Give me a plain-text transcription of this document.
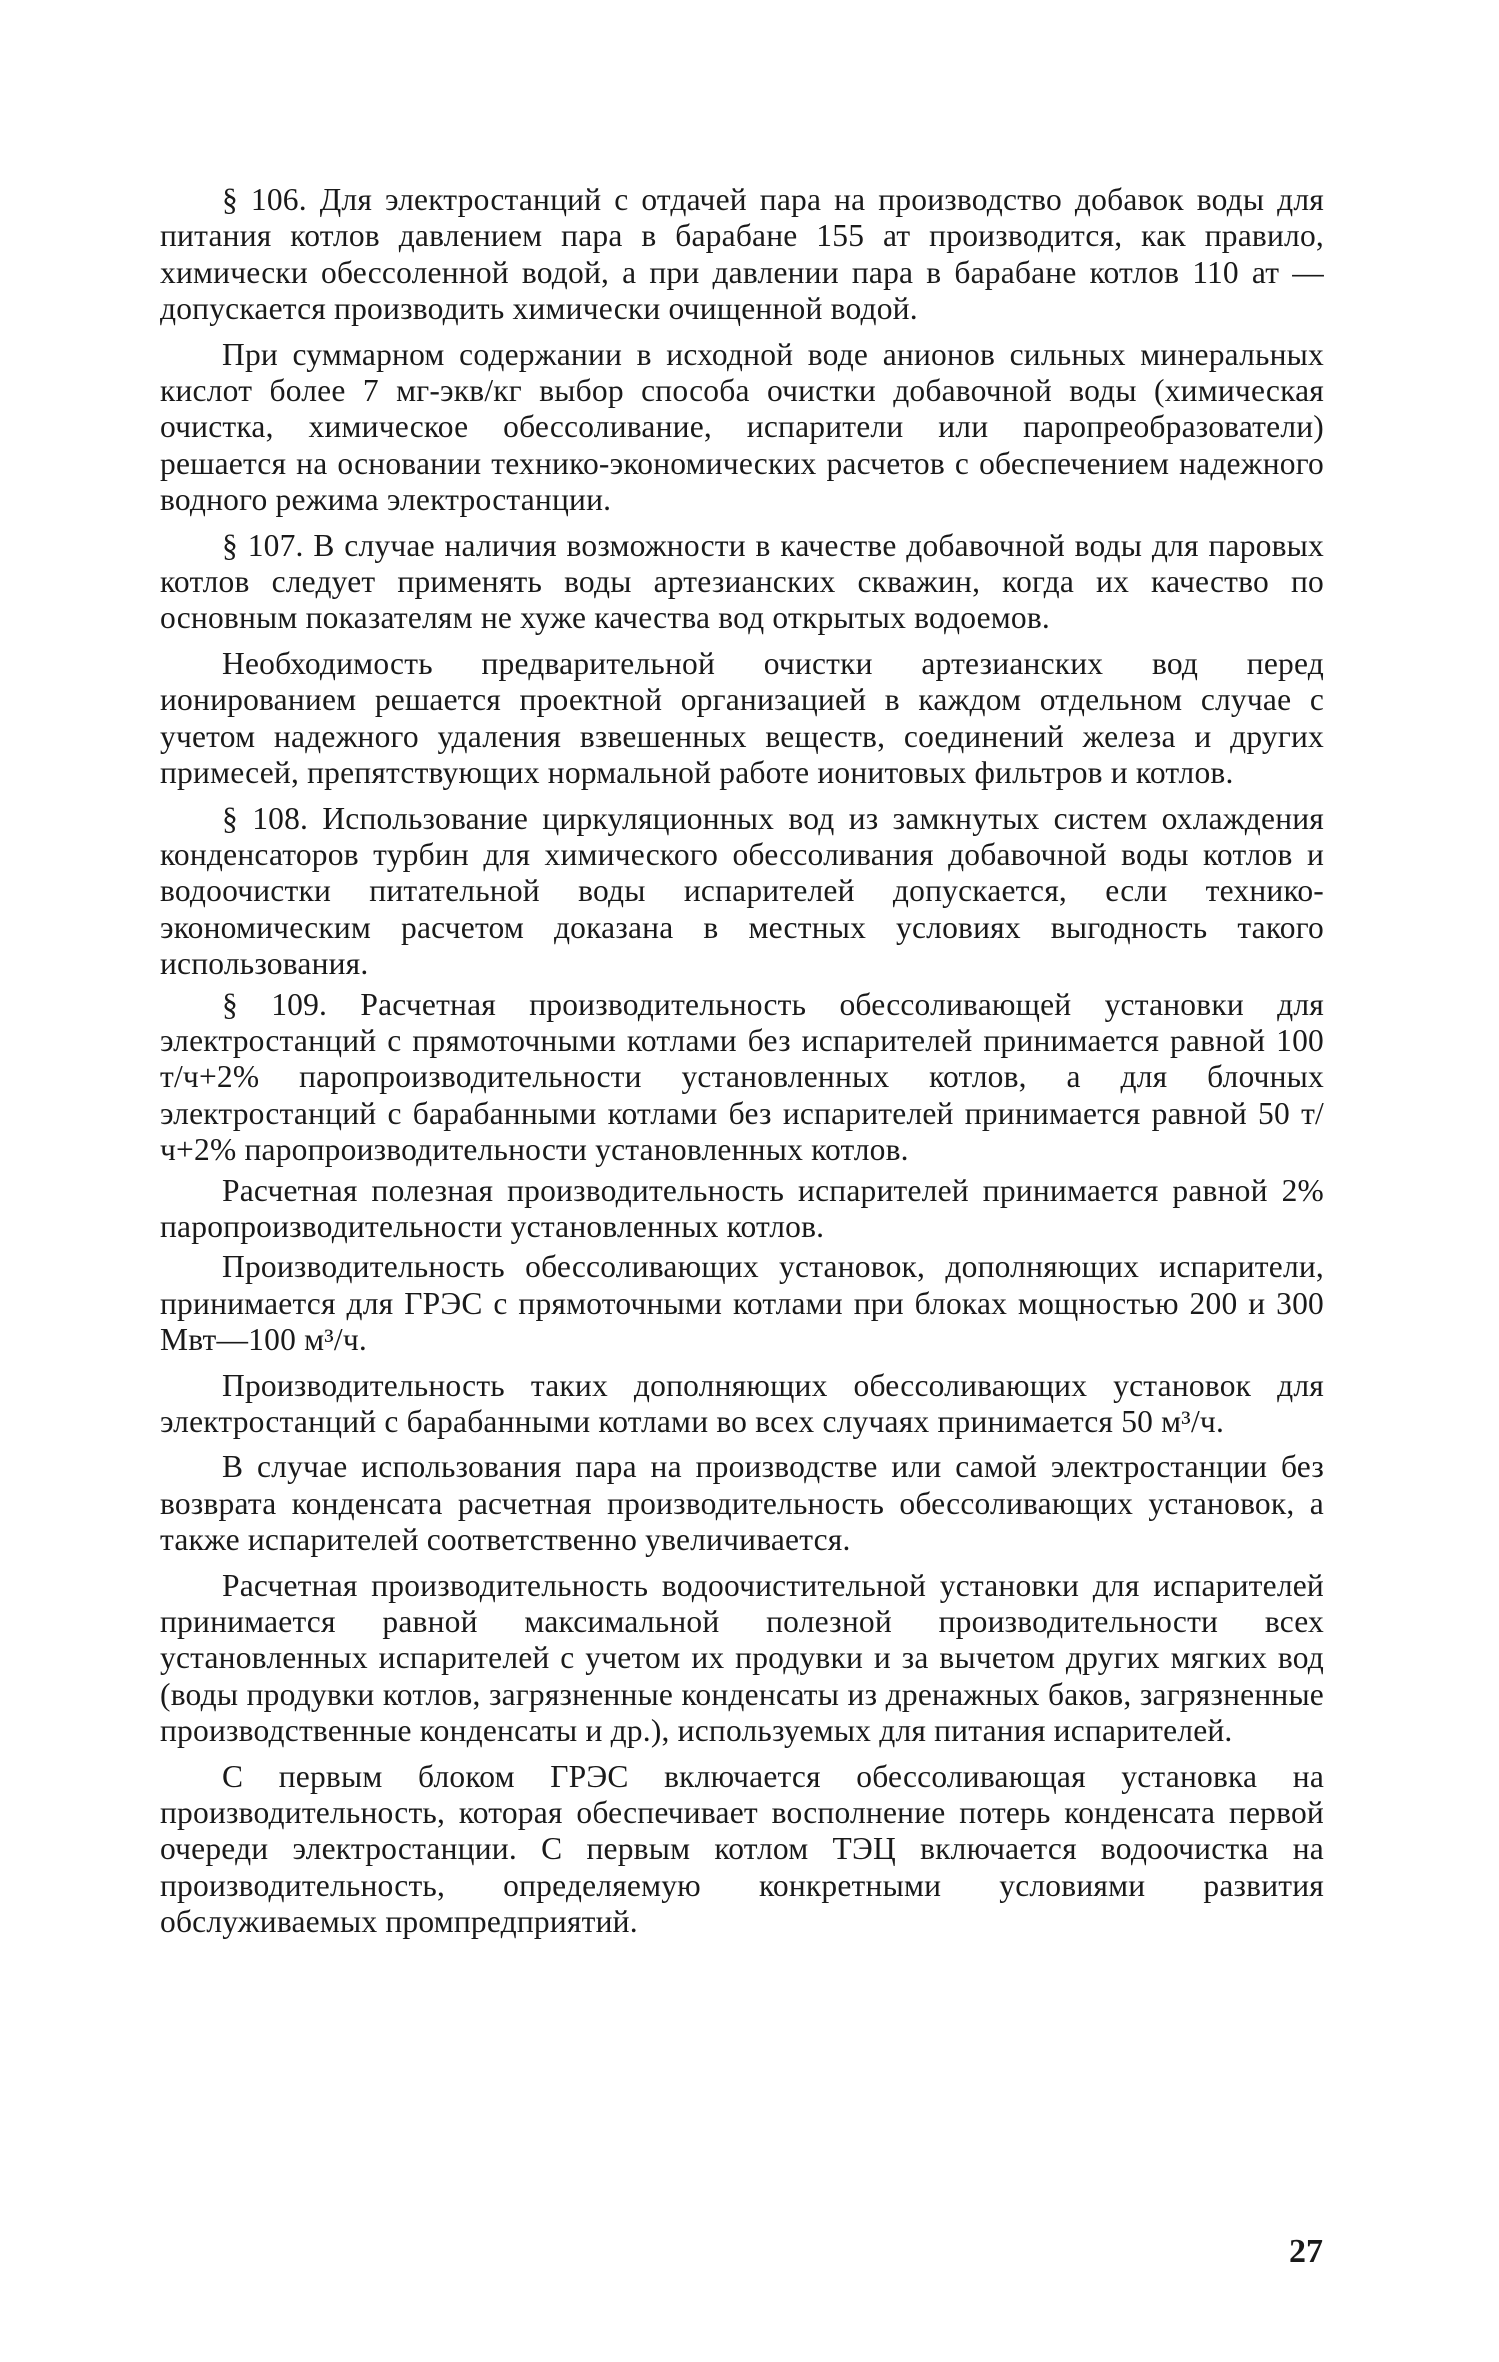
§ 106. Для электростанций с отдачей пара на производство добавок воды для питания котлов давлением пара в барабане 155 ат производится, как правило, химически обессоленной водой, а при давлении пара в барабане котлов 110 ат — допускается производить химически очищенной водой.

При суммарном содержании в исходной воде анионов сильных минеральных кислот более 7 мг-экв/кг выбор способа очистки добавочной воды (химическая очистка, химическое обессоливание, испарители или паропреобразователи) решается на основании технико-экономических расчетов с обеспечением надежного водного режима электростанции.

§ 107. В случае наличия возможности в качестве добавочной воды для паровых котлов следует применять воды артезианских скважин, когда их качество по основным показателям не хуже качества вод открытых водоемов.

Необходимость предварительной очистки артезианских вод перед ионированием решается проектной организацией в каждом отдельном случае с учетом надежного удаления взвешенных веществ, соединений железа и других примесей, препятствующих нормальной работе ионитовых фильтров и котлов.

§ 108. Использование циркуляционных вод из замкнутых систем охлаждения конденсаторов турбин для химического обессоливания добавочной воды котлов и водоочистки питательной воды испарителей допускается, если технико-экономическим расчетом доказана в местных условиях выгодность такого использования.

§ 109. Расчетная производительность обессоливающей установки для электростанций с прямоточными котлами без испарителей принимается равной 100 т/ч+2% паропроизводительности установленных котлов, а для блочных электростанций с барабанными котлами без испарителей принимается равной 50 т/ч+2% паропроизводительности установленных котлов.

Расчетная полезная производительность испарителей принимается равной 2% паропроизводительности установленных котлов.

Производительность обессоливающих установок, дополняющих испарители, принимается для ГРЭС с прямоточными котлами при блоках мощностью 200 и 300 Мвт—100 м³/ч.

Производительность таких дополняющих обессоливающих установок для электростанций с барабанными котлами во всех случаях принимается 50 м³/ч.

В случае использования пара на производстве или самой электростанции без возврата конденсата расчетная производительность обессоливающих установок, а также испарителей соответственно увеличивается.

Расчетная производительность водоочистительной установки для испарителей принимается равной максимальной полезной производительности всех установленных испарителей с учетом их продувки и за вычетом других мягких вод (воды продувки котлов, загрязненные конденсаты из дренажных баков, загрязненные производственные конденсаты и др.), используемых для питания испарителей.

С первым блоком ГРЭС включается обессоливающая установка на производительность, которая обеспечивает восполнение потерь конденсата первой очереди электростанции. С первым котлом ТЭЦ включается водоочистка на производительность, определяемую конкретными условиями развития обслуживаемых промпредприятий.

27
